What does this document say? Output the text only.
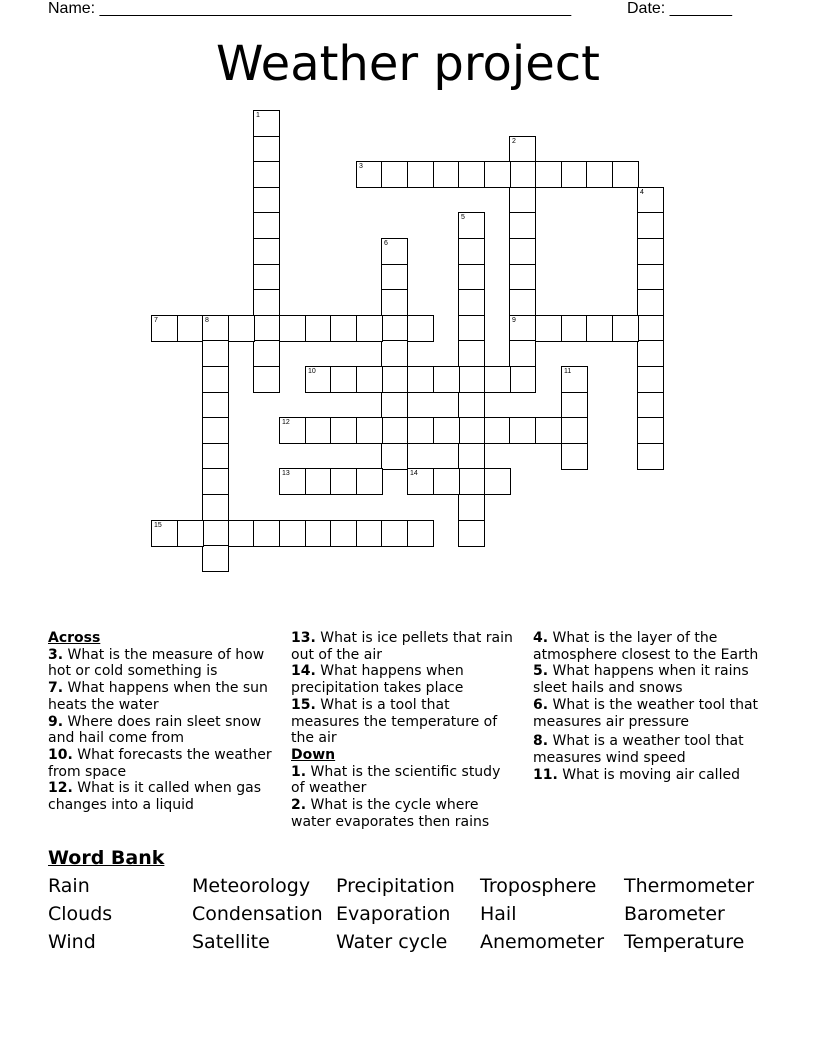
Name: _____________________________________________________	Date: _______
Weather project
1
2
3
4
5
6
7	8	9
10	11
12
13	14
15

Across

3. What is the measure of how hot or cold something is

7. What happens when the sun heats the water

9. Where does rain sleet snow and hail come from

10. What forecasts the weather from space

12. What is it called when gas changes into a liquid

13. What is ice pellets that rain out of the air

14. What happens when precipitation takes place

15. What is a tool that measures the temperature of the air

Down

1. What is the scientific study of weather

2. What is the cycle where water evaporates then rains

4. What is the layer of the atmosphere closest to the Earth

5. What happens when it rains sleet hails and snows

6. What is the weather tool that measures air pressure

8. What is a weather tool that measures wind speed

11. What is moving air called

Word Bank
Rain	Meteorology Precipitation Troposphere Thermometer
Clouds	Condensation Evaporation Hail	Barometer
Wind	Satellite	Water cycle Anemometer Temperature
